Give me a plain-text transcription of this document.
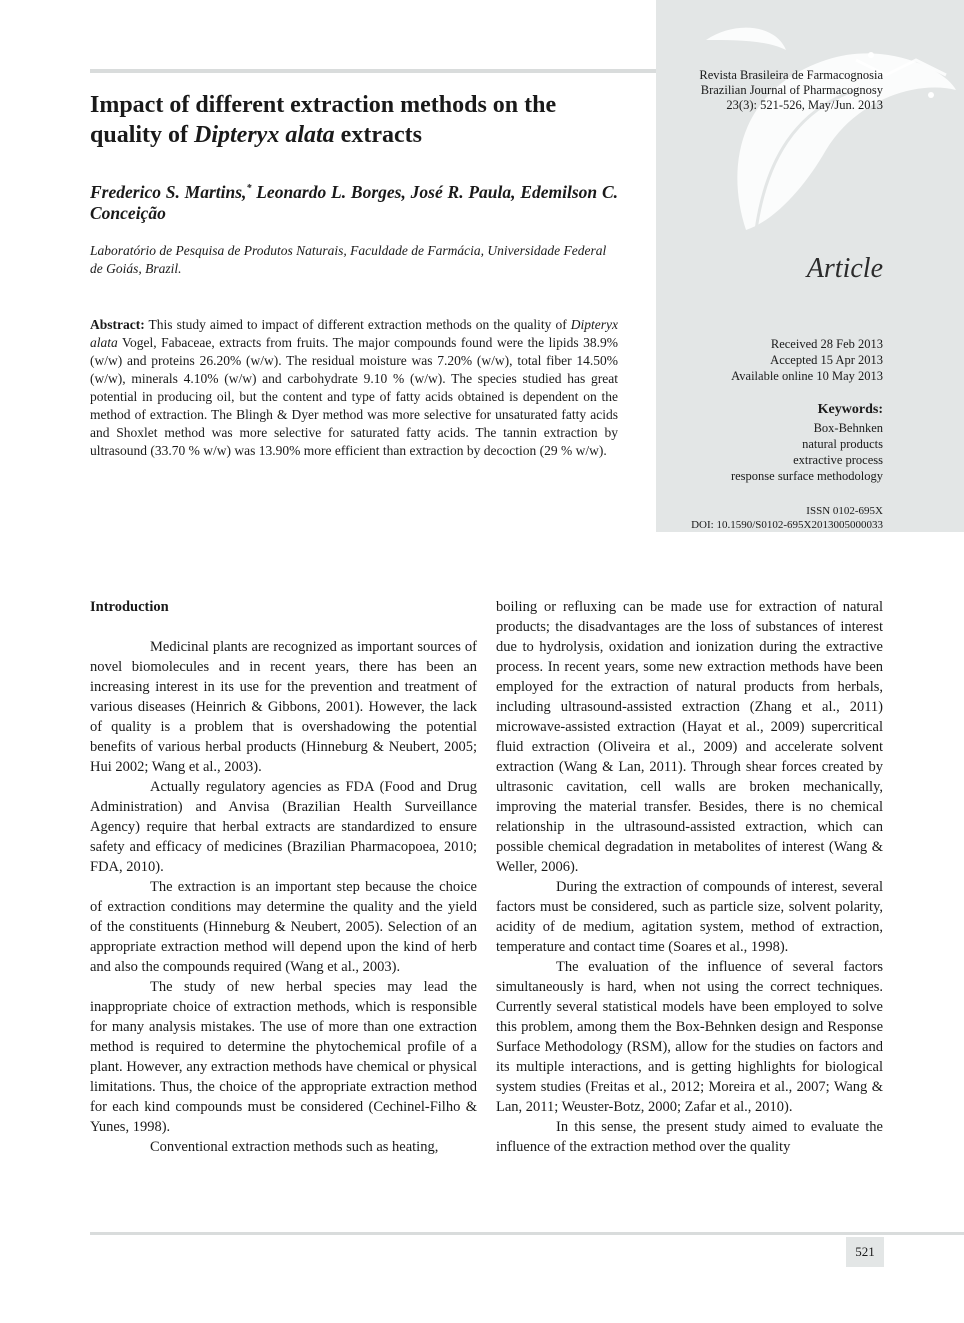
Revista Brasileira de Farmacognosia
Brazilian Journal of Pharmacognosy
23(3): 521-526, May/Jun. 2013
Article
Received 28 Feb 2013
Accepted 15 Apr 2013
Available online 10 May 2013
Keywords:
Box-Behnken
natural products
extractive process
response surface methodology
ISSN 0102-695X
DOI: 10.1590/S0102-695X2013005000033
Impact of different extraction methods on the quality of Dipteryx alata extracts
Frederico S. Martins,* Leonardo L. Borges, José R. Paula, Edemilson C. Conceição
Laboratório de Pesquisa de Produtos Naturais, Faculdade de Farmácia, Universidade Federal de Goiás, Brazil.
Abstract: This study aimed to impact of different extraction methods on the quality of Dipteryx alata Vogel, Fabaceae, extracts from fruits. The major compounds found were the lipids 38.9% (w/w) and proteins 26.20% (w/w). The residual moisture was 7.20% (w/w), total fiber 14.50% (w/w), minerals 4.10% (w/w) and carbohydrate 9.10 % (w/w). The species studied has great potential in producing oil, but the content and type of fatty acids obtained is dependent on the method of extraction. The Blingh & Dyer method was more selective for unsaturated fatty acids and Shoxlet method was more selective for saturated fatty acids. The tannin extraction by ultrasound (33.70 % w/w) was 13.90% more efficient than extraction by decoction (29 % w/w).
Introduction

Medicinal plants are recognized as important sources of novel biomolecules and in recent years, there has been an increasing interest in its use for the prevention and treatment of various diseases (Heinrich & Gibbons, 2001). However, the lack of quality is a problem that is overshadowing the potential benefits of various herbal products (Hinneburg & Neubert, 2005; Hui 2002; Wang et al., 2003).

Actually regulatory agencies as FDA (Food and Drug Administration) and Anvisa (Brazilian Health Surveillance Agency) require that herbal extracts are standardized to ensure safety and efficacy of medicines (Brazilian Pharmacopoea, 2010; FDA, 2010).

The extraction is an important step because the choice of extraction conditions may determine the quality and the yield of the constituents (Hinneburg & Neubert, 2005). Selection of an appropriate extraction method will depend upon the kind of herb and also the compounds required (Wang et al., 2003).

The study of new herbal species may lead the inappropriate choice of extraction methods, which is responsible for many analysis mistakes. The use of more than one extraction method is required to determine the phytochemical profile of a plant. However, any extraction methods have chemical or physical limitations. Thus, the choice of the appropriate extraction method for each kind compounds must be considered (Cechinel-Filho & Yunes, 1998).

Conventional extraction methods such as heating,

boiling or refluxing can be made use for extraction of natural products; the disadvantages are the loss of substances of interest due to hydrolysis, oxidation and ionization during the extractive process. In recent years, some new extraction methods have been employed for the extraction of natural products from herbals, including ultrasound-assisted extraction (Zhang et al., 2011) microwave-assisted extraction (Hayat et al., 2009) supercritical fluid extraction (Oliveira et al., 2009) and accelerate solvent extraction (Wang & Lan, 2011). Through shear forces created by ultrasonic cavitation, cell walls are broken mechanically, improving the material transfer. Besides, there is no chemical relationship in the ultrasound-assisted extraction, which can possible chemical degradation in metabolites of interest (Wang & Weller, 2006).

During the extraction of compounds of interest, several factors must be considered, such as particle size, solvent polarity, acidity of de medium, agitation system, method of extraction, temperature and contact time (Soares et al., 1998).

The evaluation of the influence of several factors simultaneously is hard, when not using the correct techniques. Currently several statistical models have been employed to solve this problem, among them the Box-Behnken design and Response Surface Methodology (RSM), allow for the studies on factors and its multiple interactions, and is getting highlights for biological system studies (Freitas et al., 2012; Moreira et al., 2007; Wang & Lan, 2011; Weuster-Botz, 2000; Zafar et al., 2010).

In this sense, the present study aimed to evaluate the influence of the extraction method over the quality

521
